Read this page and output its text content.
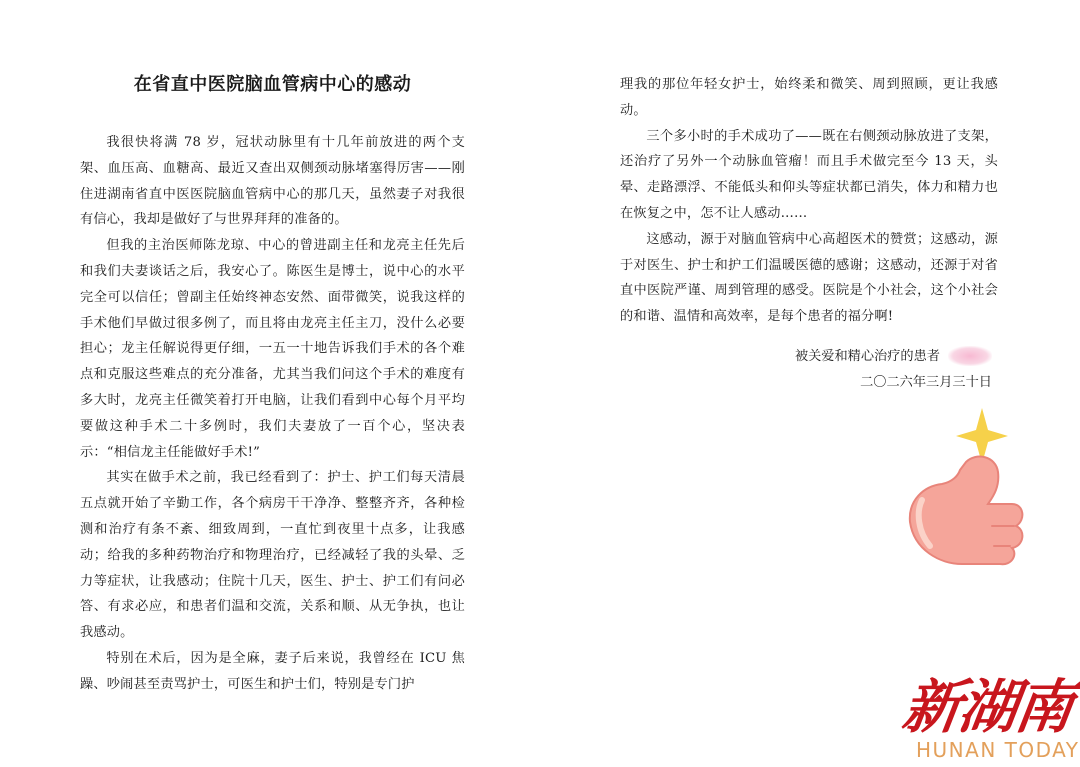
在省直中医院脑血管病中心的感动

我很快将满 78 岁，冠状动脉里有十几年前放进的两个支架、血压高、血糖高、最近又查出双侧颈动脉堵塞得厉害——刚住进湖南省直中医医院脑血管病中心的那几天，虽然妻子对我很有信心，我却是做好了与世界拜拜的准备的。

但我的主治医师陈龙琼、中心的曾进副主任和龙亮主任先后和我们夫妻谈话之后，我安心了。陈医生是博士，说中心的水平完全可以信任；曾副主任始终神态安然、面带微笑，说我这样的手术他们早做过很多例了，而且将由龙亮主任主刀，没什么必要担心；龙主任解说得更仔细，一五一十地告诉我们手术的各个难点和克服这些难点的充分准备，尤其当我们问这个手术的难度有多大时，龙亮主任微笑着打开电脑，让我们看到中心每个月平均要做这种手术二十多例时，我们夫妻放了一百个心，坚决表示：“相信龙主任能做好手术!”

其实在做手术之前，我已经看到了：护士、护工们每天清晨五点就开始了辛勤工作，各个病房干干净净、整整齐齐，各种检测和治疗有条不紊、细致周到，一直忙到夜里十点多，让我感动；给我的多种药物治疗和物理治疗，已经减轻了我的头晕、乏力等症状，让我感动；住院十几天，医生、护士、护工们有问必答、有求必应，和患者们温和交流，关系和顺、从无争执，也让我感动。

特别在术后，因为是全麻，妻子后来说，我曾经在 ICU 焦躁、吵闹甚至责骂护士，可医生和护士们，特别是专门护

理我的那位年轻女护士，始终柔和微笑、周到照顾，更让我感动。

三个多小时的手术成功了——既在右侧颈动脉放进了支架，还治疗了另外一个动脉血管瘤！而且手术做完至今 13 天，头晕、走路漂浮、不能低头和仰头等症状都已消失，体力和精力也在恢复之中，怎不让人感动……

这感动，源于对脑血管病中心高超医术的赞赏；这感动，源于对医生、护士和护工们温暖医德的感谢；这感动，还源于对省直中医院严谨、周到管理的感受。医院是个小社会，这个小社会的和谐、温情和高效率，是每个患者的福分啊!

被关爱和精心治疗的患者
二〇二六年三月三十日
新湖南
HUNAN TODAY
